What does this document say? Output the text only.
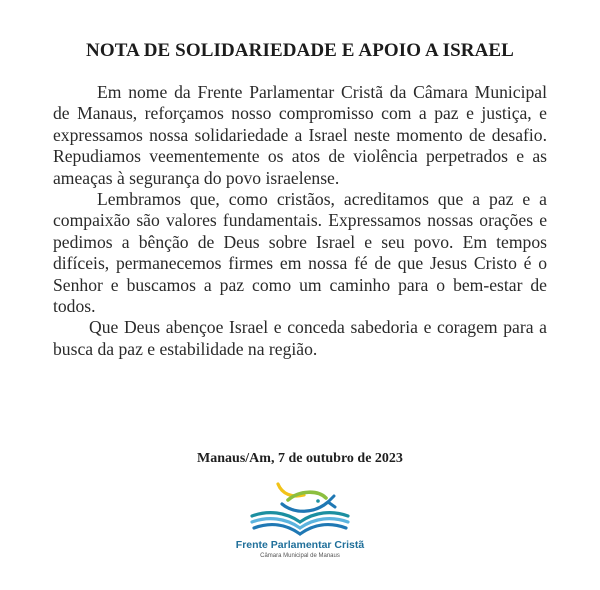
NOTA DE SOLIDARIEDADE E APOIO A ISRAEL

Em nome da Frente Parlamentar Cristã da Câmara Municipal de Manaus, reforçamos nosso compromisso com a paz e justiça, e expressamos nossa solidariedade a Israel neste momento de desafio. Repudiamos veementemente os atos de violência perpetrados e as ameaças à segurança do povo israelense.

Lembramos que, como cristãos, acreditamos que a paz e a compaixão são valores fundamentais. Expressamos nossas orações e pedimos a bênção de Deus sobre Israel e seu povo. Em tempos difíceis, permanecemos firmes em nossa fé de que Jesus Cristo é o Senhor e buscamos a paz como um caminho para o bem-estar de todos.

Que Deus abençoe Israel e conceda sabedoria e coragem para a busca da paz e estabilidade na região.

Manaus/Am, 7 de outubro de 2023
Frente Parlamentar Cristã
Câmara Municipal de Manaus
